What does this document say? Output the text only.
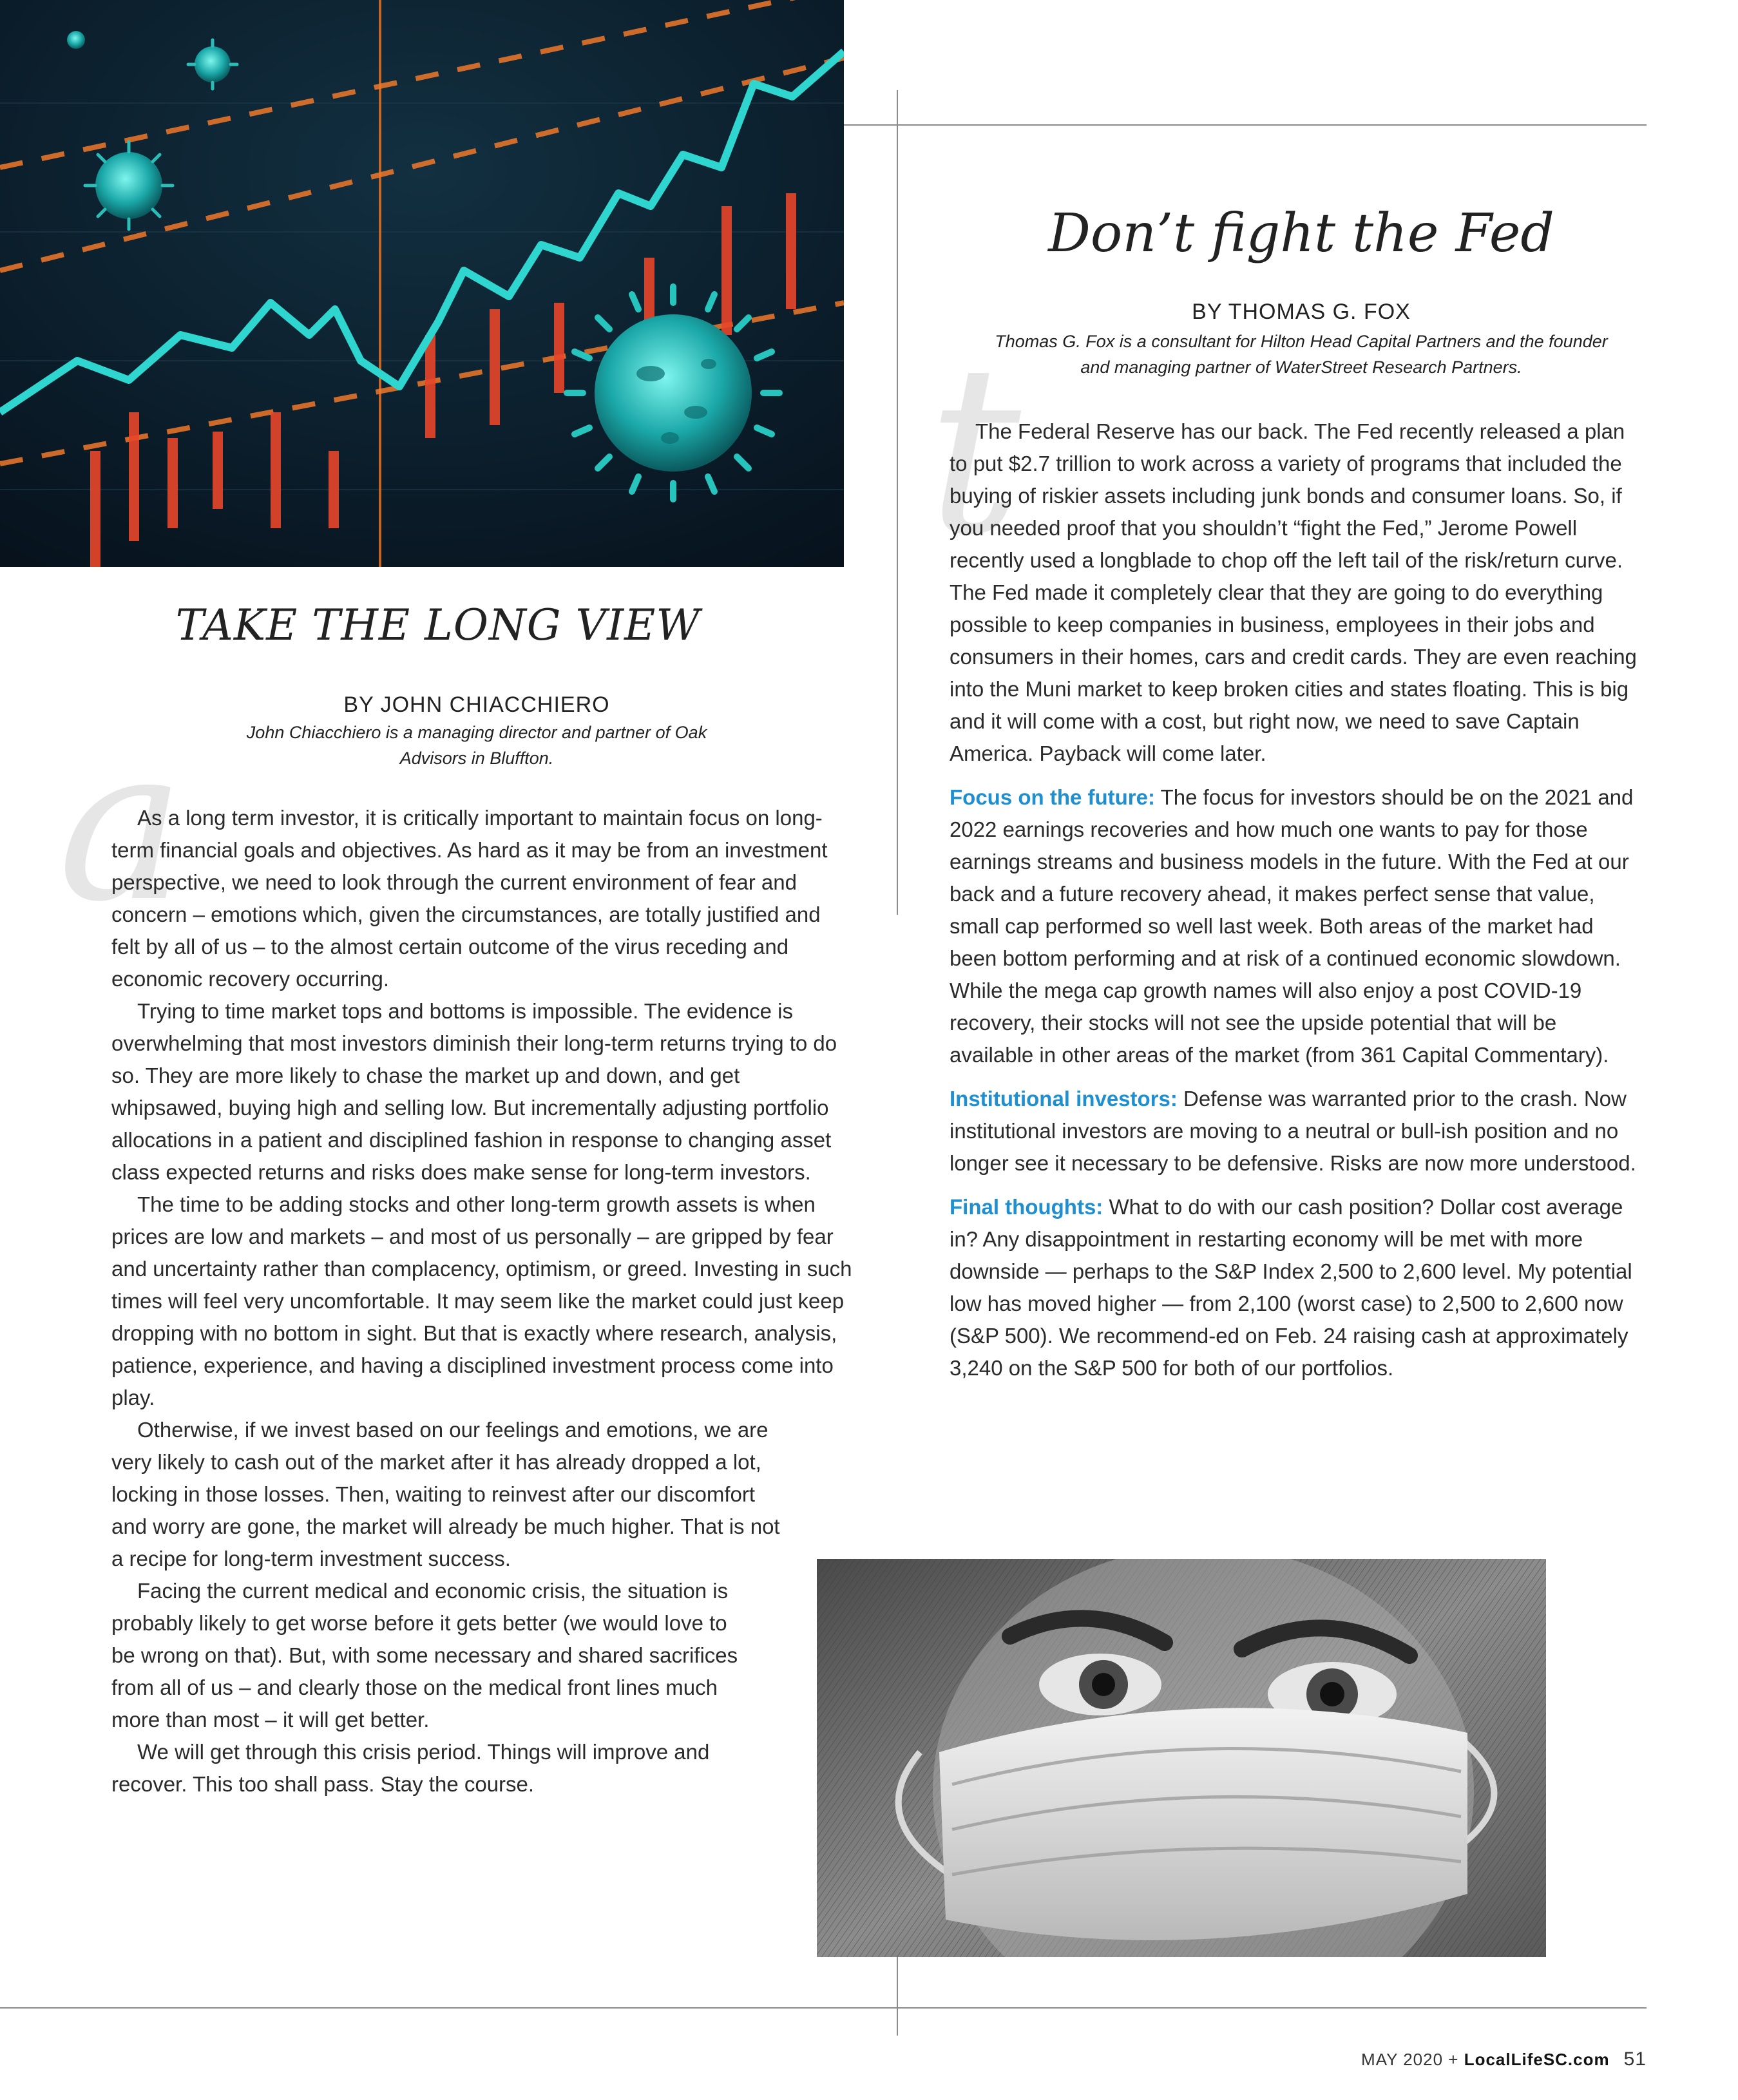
a
TAKE THE LONG VIEW
BY JOHN CHIACCHIERO
John Chiacchiero is a managing director and partner of Oak Advisors in Bluffton.

As a long term investor, it is critically important to maintain focus on long-term financial goals and objectives. As hard as it may be from an investment perspective, we need to look through the current environment of fear and concern – emotions which, given the circumstances, are totally justified and felt by all of us – to the almost certain outcome of the virus receding and economic recovery occurring.

Trying to time market tops and bottoms is impossible. The evidence is overwhelming that most investors diminish their long-term returns trying to do so. They are more likely to chase the market up and down, and get whipsawed, buying high and selling low. But incrementally adjusting portfolio allocations in a patient and disciplined fashion in response to changing asset class expected returns and risks does make sense for long-term investors.

The time to be adding stocks and other long-term growth assets is when prices are low and markets – and most of us personally – are gripped by fear and uncertainty rather than complacency, optimism, or greed. Investing in such times will feel very uncomfortable. It may seem like the market could just keep dropping with no bottom in sight. But that is exactly where research, analysis, patience, experience, and having a disciplined investment process come into play.

Otherwise, if we invest based on our feelings and emotions, we are very likely to cash out of the market after it has already dropped a lot, locking in those losses. Then, waiting to reinvest after our discomfort and worry are gone, the market will already be much higher. That is not a recipe for long-term investment success.

Facing the current medical and economic crisis, the situation is probably likely to get worse before it gets better (we would love to be wrong on that). But, with some necessary and shared sacrifices from all of us – and clearly those on the medical front lines much more than most – it will get better.

We will get through this crisis period. Things will improve and recover. This too shall pass. Stay the course.

t
Don’t fight the Fed
BY THOMAS G. FOX
Thomas G. Fox is a consultant for Hilton Head Capital Partners and the founder and managing partner of WaterStreet Research Partners.

The Federal Reserve has our back. The Fed recently released a plan to put $2.7 trillion to work across a variety of programs that included the buying of riskier assets including junk bonds and consumer loans. So, if you needed proof that you shouldn’t “fight the Fed,” Jerome Powell recently used a longblade to chop off the left tail of the risk/return curve. The Fed made it completely clear that they are going to do everything possible to keep companies in business, employees in their jobs and consumers in their homes, cars and credit cards. They are even reaching into the Muni market to keep broken cities and states floating. This is big and it will come with a cost, but right now, we need to save Captain America. Payback will come later.

Focus on the future: The focus for investors should be on the 2021 and 2022 earnings recoveries and how much one wants to pay for those earnings streams and business models in the future. With the Fed at our back and a future recovery ahead, it makes perfect sense that value, small cap performed so well last week. Both areas of the market had been bottom performing and at risk of a continued economic slowdown. While the mega cap growth names will also enjoy a post COVID-19 recovery, their stocks will not see the upside potential that will be available in other areas of the market (from 361 Capital Commentary).

Institutional investors: Defense was warranted prior to the crash. Now institutional investors are moving to a neutral or bull-ish position and no longer see it necessary to be defensive. Risks are now more understood.

Final thoughts: What to do with our cash position? Dollar cost average in? Any disappointment in restarting economy will be met with more downside — perhaps to the S&P Index 2,500 to 2,600 level. My potential low has moved higher — from 2,100 (worst case) to 2,500 to 2,600 now (S&P 500). We recommend-ed on Feb. 24 raising cash at approximately 3,240 on the S&P 500 for both of our portfolios.

MAY 2020 + LocalLifeSC.com 51
